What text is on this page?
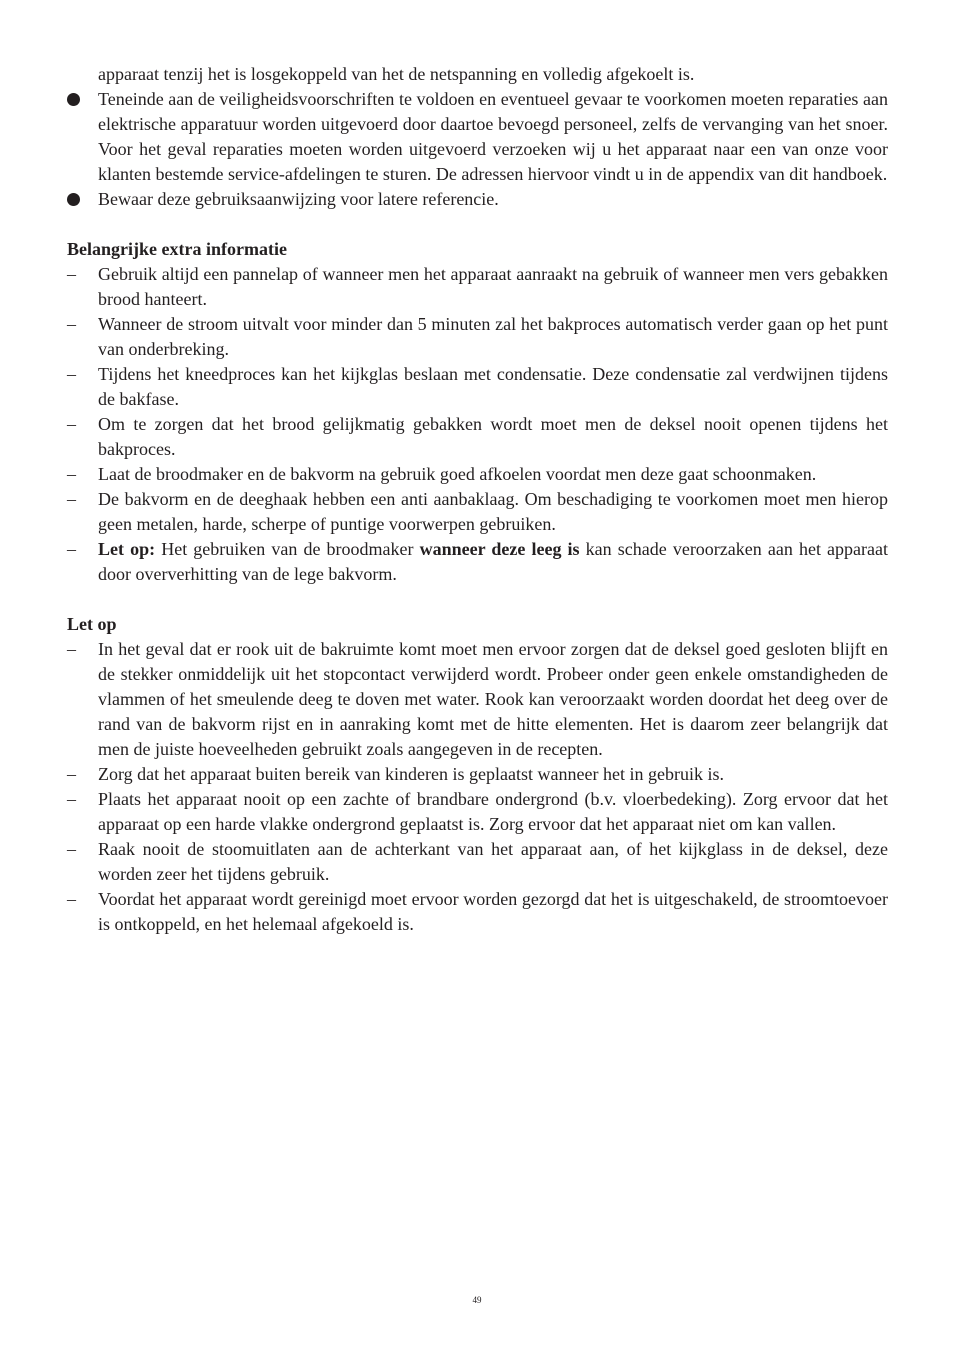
apparaat tenzij het is losgekoppeld van het de netspanning en volledig afgekoelt is.
Teneinde aan de veiligheidsvoorschriften te voldoen en eventueel gevaar te voorkomen moeten reparaties aan elektrische apparatuur worden uitgevoerd door daartoe bevoegd personeel, zelfs de vervanging van het snoer. Voor het geval reparaties moeten worden uitgevoerd verzoeken wij u het apparaat naar een van onze voor klanten bestemde service-afdelingen te sturen. De adressen hiervoor vindt u in de appendix van dit handboek.
Bewaar deze gebruiksaanwijzing voor latere referencie.
Belangrijke extra informatie
– Gebruik altijd een pannelap of wanneer men het apparaat aanraakt na gebruik of wanneer men vers gebakken brood hanteert.
– Wanneer de stroom uitvalt voor minder dan 5 minuten zal het bakproces automatisch verder gaan op het punt van onderbreking.
– Tijdens het kneedproces kan het kijkglas beslaan met condensatie. Deze condensatie zal verdwijnen tijdens de bakfase.
– Om te zorgen dat het brood gelijkmatig gebakken wordt moet men de deksel nooit openen tijdens het bakproces.
– Laat de broodmaker en de bakvorm na gebruik goed afkoelen voordat men deze gaat schoonmaken.
– De bakvorm en de deeghaak hebben een anti aanbaklaag. Om beschadiging te voorkomen moet men hierop geen metalen, harde, scherpe of puntige voorwerpen gebruiken.
– Let op: Het gebruiken van de broodmaker wanneer deze leeg is kan schade veroorzaken aan het apparaat door oververhitting van de lege bakvorm.
Let op
– In het geval dat er rook uit de bakruimte komt moet men ervoor zorgen dat de deksel goed gesloten blijft en de stekker onmiddelijk uit het stopcontact verwijderd wordt. Probeer onder geen enkele omstandigheden de vlammen of het smeulende deeg te doven met water. Rook kan veroorzaakt worden doordat het deeg over de rand van de bakvorm rijst en in aanraking komt met de hitte elementen. Het is daarom zeer belangrijk dat men de juiste hoeveelheden gebruikt zoals aangegeven in de recepten.
– Zorg dat het apparaat buiten bereik van kinderen is geplaatst wanneer het in gebruik is.
– Plaats het apparaat nooit op een zachte of brandbare ondergrond (b.v. vloerbedeking). Zorg ervoor dat het apparaat op een harde vlakke ondergrond geplaatst is. Zorg ervoor dat het apparaat niet om kan vallen.
– Raak nooit de stoomuitlaten aan de achterkant van het apparaat aan, of het kijkglass in de deksel, deze worden zeer het tijdens gebruik.
– Voordat het apparaat wordt gereinigd moet ervoor worden gezorgd dat het is uitgeschakeld, de stroomtoevoer is ontkoppeld, en het helemaal afgekoeld is.
49
